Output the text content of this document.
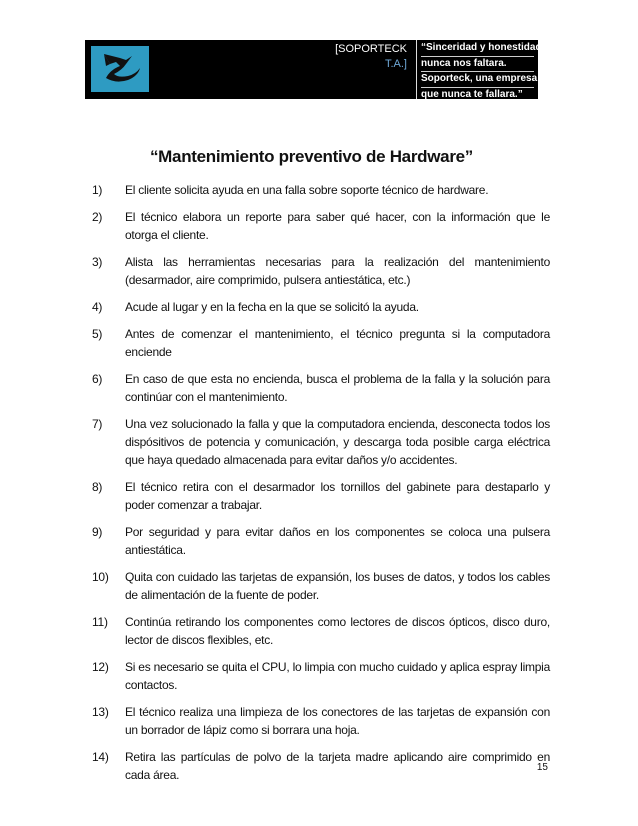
[SOPORTECK
T.A.]
“Sinceridad y honestidad
nunca nos faltara.
Soporteck, una empresa
que nunca te fallara.”
“Mantenimiento preventivo de Hardware”
1)	El cliente solicita ayuda en una falla sobre soporte técnico de hardware.
2)	El técnico elabora un reporte para saber qué hacer, con la información que le otorga el cliente.
3)	Alista las herramientas necesarias para la realización del mantenimiento (desarmador, aire comprimido, pulsera antiestática, etc.)
4)	Acude al lugar y en la fecha en la que se solicitó la ayuda.
5)	Antes de comenzar el mantenimiento, el técnico pregunta si la computadora enciende
6)	En caso de que esta no encienda, busca el problema de la falla y la solución para continúar con el mantenimiento.
7)	Una vez solucionado la falla y que la computadora encienda, desconecta todos los dispósitivos de potencia y comunicación, y descarga toda posible carga eléctrica que haya quedado almacenada para evitar daños y/o accidentes.
8)	El técnico retira con el desarmador los tornillos del gabinete para destaparlo y poder comenzar a trabajar.
9)	Por seguridad y para evitar daños en los componentes se coloca una pulsera antiestática.
10)	Quita con cuidado las tarjetas de expansión, los buses de datos, y todos los cables de alimentación de la fuente de poder.
11)	Continúa retirando los componentes como lectores de discos ópticos, disco duro, lector de discos flexibles, etc.
12)	Si es necesario se quita el CPU, lo limpia con mucho cuidado y aplica espray limpia contactos.
13)	El técnico realiza una limpieza de los conectores de las tarjetas de expansión con un borrador de lápiz como si borrara una hoja.
14)	Retira las partículas de polvo de la tarjeta madre aplicando aire comprimido en cada área.
15
